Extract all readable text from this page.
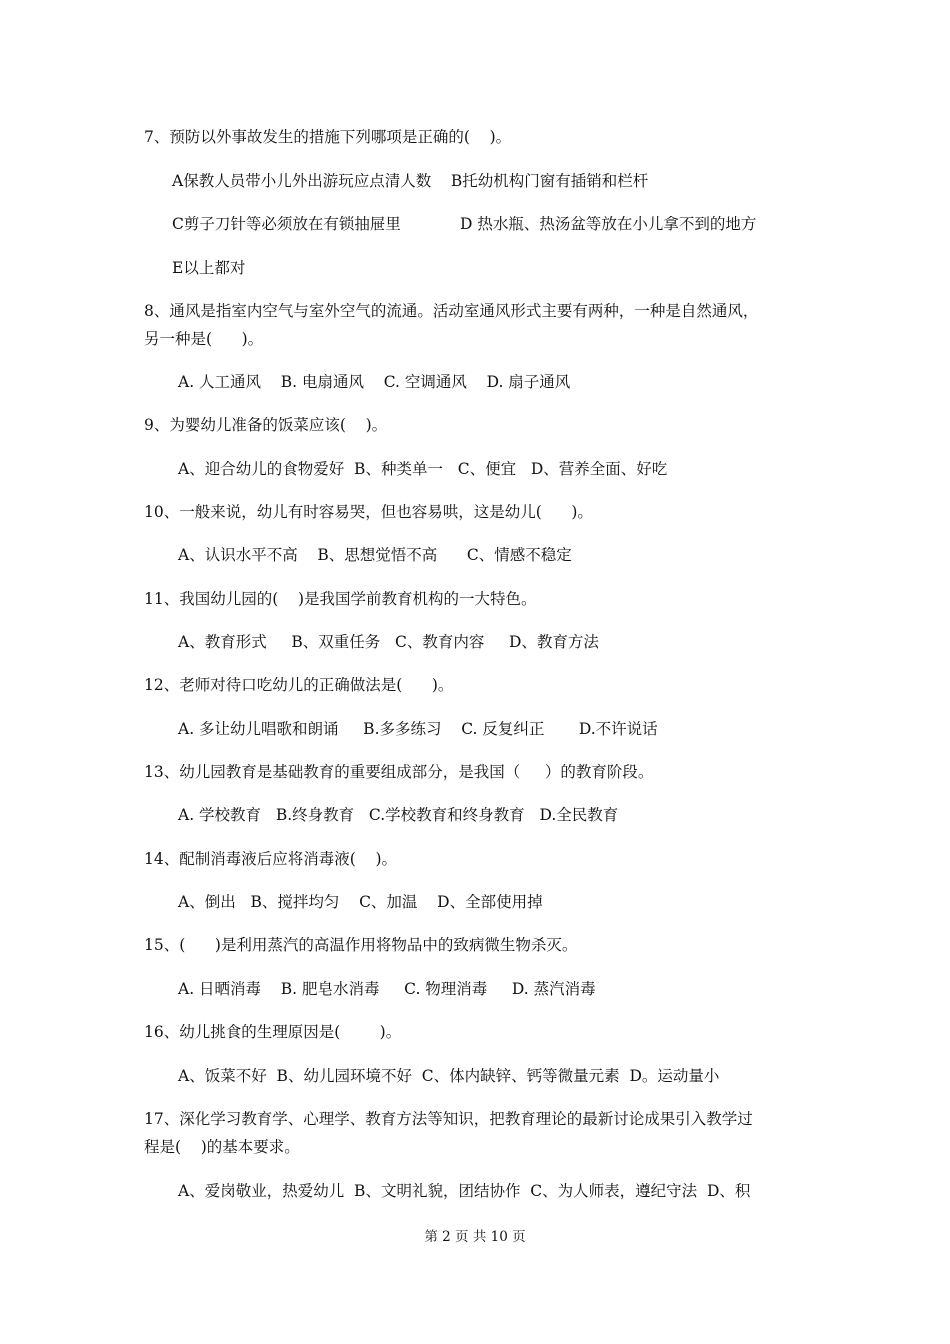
7、预防以外事故发生的措施下列哪项是正确的(    )。
A保教人员带小儿外出游玩应点清人数    B托幼机构门窗有插销和栏杆
C剪子刀针等必须放在有锁抽屉里            D 热水瓶、热汤盆等放在小儿拿不到的地方
E以上都对
8、通风是指室内空气与室外空气的流通。活动室通风形式主要有两种，一种是自然通风，
另一种是(      )。
A. 人工通风    B. 电扇通风    C. 空调通风    D. 扇子通风
9、为婴幼儿准备的饭菜应该(    )。
A、迎合幼儿的食物爱好  B、种类单一   C、便宜   D、营养全面、好吃
10、一般来说，幼儿有时容易哭，但也容易哄，这是幼儿(      )。
A、认识水平不高    B、思想觉悟不高      C、情感不稳定
11、我国幼儿园的(    )是我国学前教育机构的一大特色。
A、教育形式     B、双重任务   C、教育内容     D、教育方法
12、老师对待口吃幼儿的正确做法是(      )。
A. 多让幼儿唱歌和朗诵     B.多多练习    C. 反复纠正       D.不许说话
13、幼儿园教育是基础教育的重要组成部分，是我国（     ）的教育阶段。
A. 学校教育   B.终身教育   C.学校教育和终身教育   D.全民教育
14、配制消毒液后应将消毒液(    )。
A、倒出   B、搅拌均匀    C、加温    D、全部使用掉
15、(      )是利用蒸汽的高温作用将物品中的致病微生物杀灭。
A. 日晒消毒    B. 肥皂水消毒     C. 物理消毒     D. 蒸汽消毒
16、幼儿挑食的生理原因是(        )。
A、饭菜不好  B、幼儿园环境不好  C、体内缺锌、钙等微量元素  D。运动量小
17、深化学习教育学、心理学、教育方法等知识，把教育理论的最新讨论成果引入教学过
程是(    )的基本要求。
A、爱岗敬业，热爱幼儿  B、文明礼貌，团结协作  C、为人师表，遵纪守法  D、积
第 2 页 共 10 页
